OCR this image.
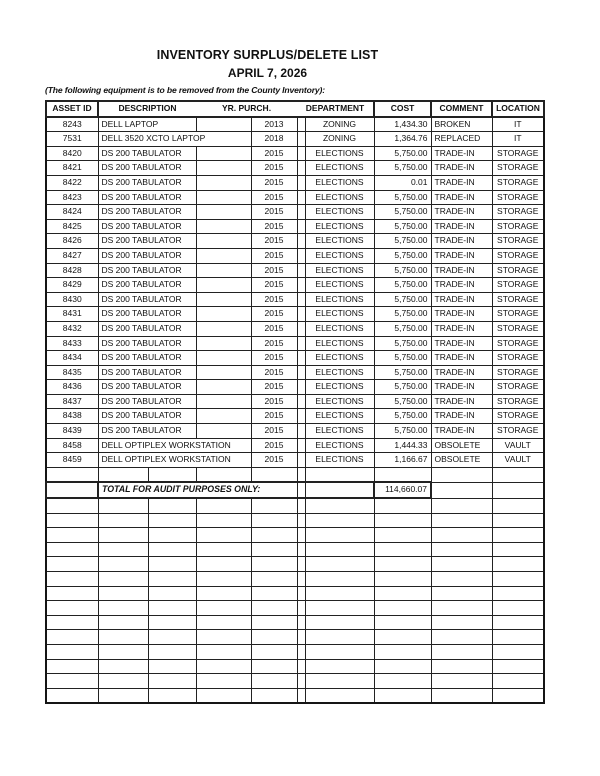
INVENTORY SURPLUS/DELETE LIST
APRIL 7, 2026
(The following equipment is to be removed from the County Inventory):
ASSET ID	DESCRIPTION		YR. PURCH.		DEPARTMENT		COST	COMMENT	LOCATION
8243	DELL LAPTOP			2013		ZONING	1,434.30	BROKEN	IT
7531	DELL 3520 XCTO LAPTOP			2018		ZONING	1,364.76	REPLACED	IT
8420	DS 200 TABULATOR			2015		ELECTIONS	5,750.00	TRADE-IN	STORAGE
8421	DS 200 TABULATOR			2015		ELECTIONS	5,750.00	TRADE-IN	STORAGE
8422	DS 200 TABULATOR			2015		ELECTIONS	0.01	TRADE-IN	STORAGE
8423	DS 200 TABULATOR			2015		ELECTIONS	5,750.00	TRADE-IN	STORAGE
8424	DS 200 TABULATOR			2015		ELECTIONS	5,750.00	TRADE-IN	STORAGE
8425	DS 200 TABULATOR			2015		ELECTIONS	5,750.00	TRADE-IN	STORAGE
8426	DS 200 TABULATOR			2015		ELECTIONS	5,750.00	TRADE-IN	STORAGE
8427	DS 200 TABULATOR			2015		ELECTIONS	5,750.00	TRADE-IN	STORAGE
8428	DS 200 TABULATOR			2015		ELECTIONS	5,750.00	TRADE-IN	STORAGE
8429	DS 200 TABULATOR			2015		ELECTIONS	5,750.00	TRADE-IN	STORAGE
8430	DS 200 TABULATOR			2015		ELECTIONS	5,750.00	TRADE-IN	STORAGE
8431	DS 200 TABULATOR			2015		ELECTIONS	5,750.00	TRADE-IN	STORAGE
8432	DS 200 TABULATOR			2015		ELECTIONS	5,750.00	TRADE-IN	STORAGE
8433	DS 200 TABULATOR			2015		ELECTIONS	5,750.00	TRADE-IN	STORAGE
8434	DS 200 TABULATOR			2015		ELECTIONS	5,750.00	TRADE-IN	STORAGE
8435	DS 200 TABULATOR			2015		ELECTIONS	5,750.00	TRADE-IN	STORAGE
8436	DS 200 TABULATOR			2015		ELECTIONS	5,750.00	TRADE-IN	STORAGE
8437	DS 200 TABULATOR			2015		ELECTIONS	5,750.00	TRADE-IN	STORAGE
8438	DS 200 TABULATOR			2015		ELECTIONS	5,750.00	TRADE-IN	STORAGE
8439	DS 200 TABULATOR			2015		ELECTIONS	5,750.00	TRADE-IN	STORAGE
8458	DELL OPTIPLEX WORKSTATION			2015		ELECTIONS	1,444.33	OBSOLETE	VAULT
8459	DELL OPTIPLEX WORKSTATION			2015		ELECTIONS	1,166.67	OBSOLETE	VAULT

	TOTAL FOR AUDIT PURPOSES ONLY:						114,660.07		
